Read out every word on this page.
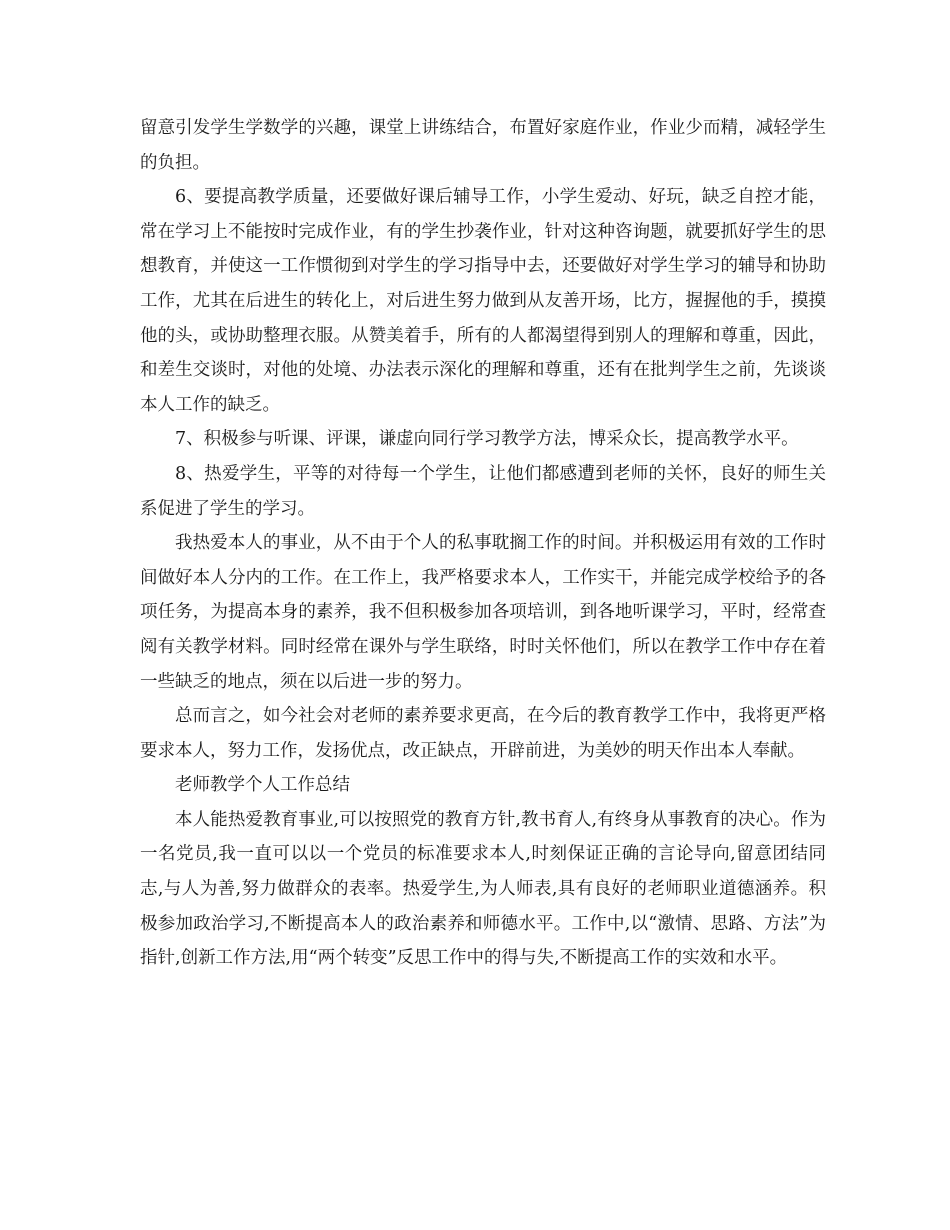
留意引发学生学数学的兴趣，课堂上讲练结合，布置好家庭作业，作业少而精，减轻学生的负担。

6、要提高教学质量，还要做好课后辅导工作，小学生爱动、好玩，缺乏自控才能，常在学习上不能按时完成作业，有的学生抄袭作业，针对这种咨询题，就要抓好学生的思想教育，并使这一工作惯彻到对学生的学习指导中去，还要做好对学生学习的辅导和协助工作，尤其在后进生的转化上，对后进生努力做到从友善开场，比方，握握他的手，摸摸他的头，或协助整理衣服。从赞美着手，所有的人都渴望得到别人的理解和尊重，因此，和差生交谈时，对他的处境、办法表示深化的理解和尊重，还有在批判学生之前，先谈谈本人工作的缺乏。

7、积极参与听课、评课，谦虚向同行学习教学方法，博采众长，提高教学水平。

8、热爱学生，平等的对待每一个学生，让他们都感遭到老师的关怀，良好的师生关系促进了学生的学习。

我热爱本人的事业，从不由于个人的私事耽搁工作的时间。并积极运用有效的工作时间做好本人分内的工作。在工作上，我严格要求本人，工作实干，并能完成学校给予的各项任务，为提高本身的素养，我不但积极参加各项培训，到各地听课学习，平时，经常查阅有关教学材料。同时经常在课外与学生联络，时时关怀他们，所以在教学工作中存在着一些缺乏的地点，须在以后进一步的努力。

总而言之，如今社会对老师的素养要求更高，在今后的教育教学工作中，我将更严格要求本人，努力工作，发扬优点，改正缺点，开辟前进，为美妙的明天作出本人奉献。

老师教学个人工作总结

本人能热爱教育事业,可以按照党的教育方针,教书育人,有终身从事教育的决心。作为一名党员,我一直可以以一个党员的标准要求本人,时刻保证正确的言论导向,留意团结同志,与人为善,努力做群众的表率。热爱学生,为人师表,具有良好的老师职业道德涵养。积极参加政治学习,不断提高本人的政治素养和师德水平。工作中,以“激情、思路、方法”为指针,创新工作方法,用“两个转变”反思工作中的得与失,不断提高工作的实效和水平。
